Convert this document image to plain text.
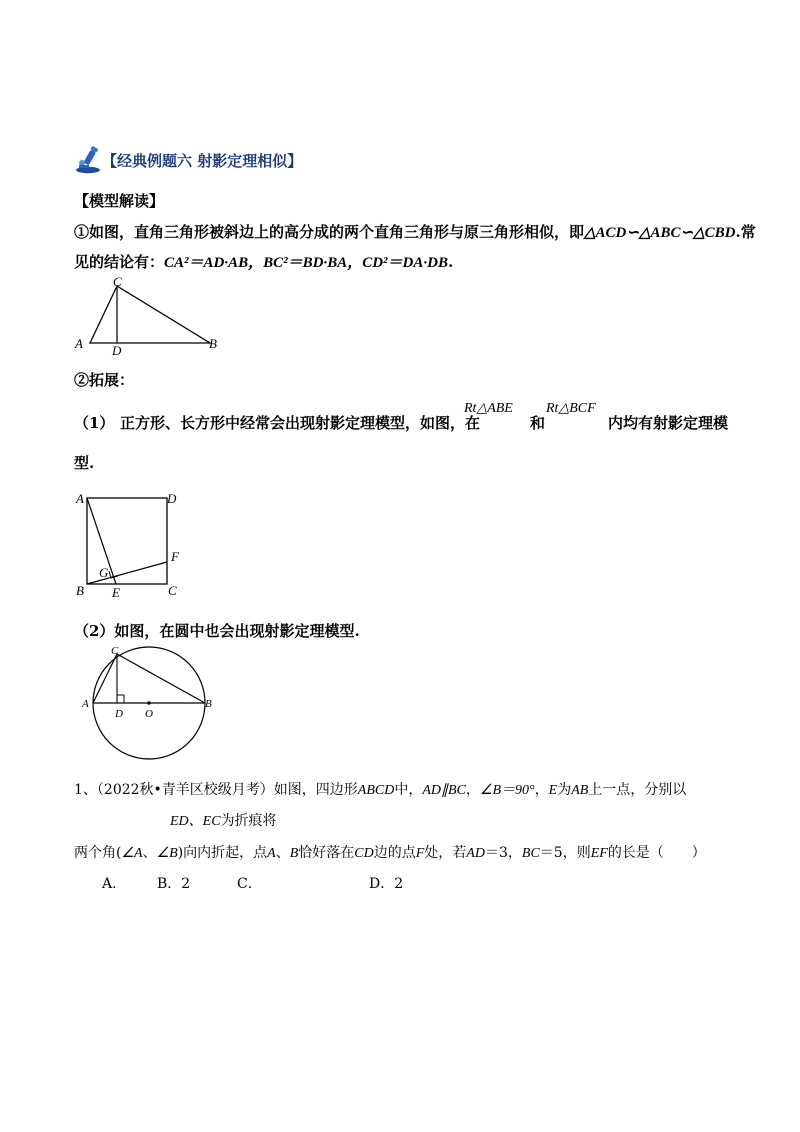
【经典例题六 射影定理相似】
【模型解读】
①如图，直角三角形被斜边上的高分成的两个直角三角形与原三角形相似，即△ACD∽△ABC∽△CBD.常
见的结论有：CA²＝AD·AB，BC²＝BD·BA，CD²＝DA·DB.
C
A D	B
②拓展：
（1） 正方形、长方形中经常会出现射影定理模型，如图，在
Rt△ABE
和
Rt△BCF
内均有射影定理模
型.
A	D
F
G
B E	C
（2）如图，在圆中也会出现射影定理模型.
C
A
D O
B
1、（2022秋•青羊区校级月考）如图，四边形ABCD中，AD∥BC，∠B＝90°，E为AB上一点，分别以
ED、EC为折痕将
两个角(∠A、∠B)向内折起，点A、B恰好落在CD边的点F处，若AD＝3，BC＝5，则EF的长是（　　）
A． B．2	C．	D．2
